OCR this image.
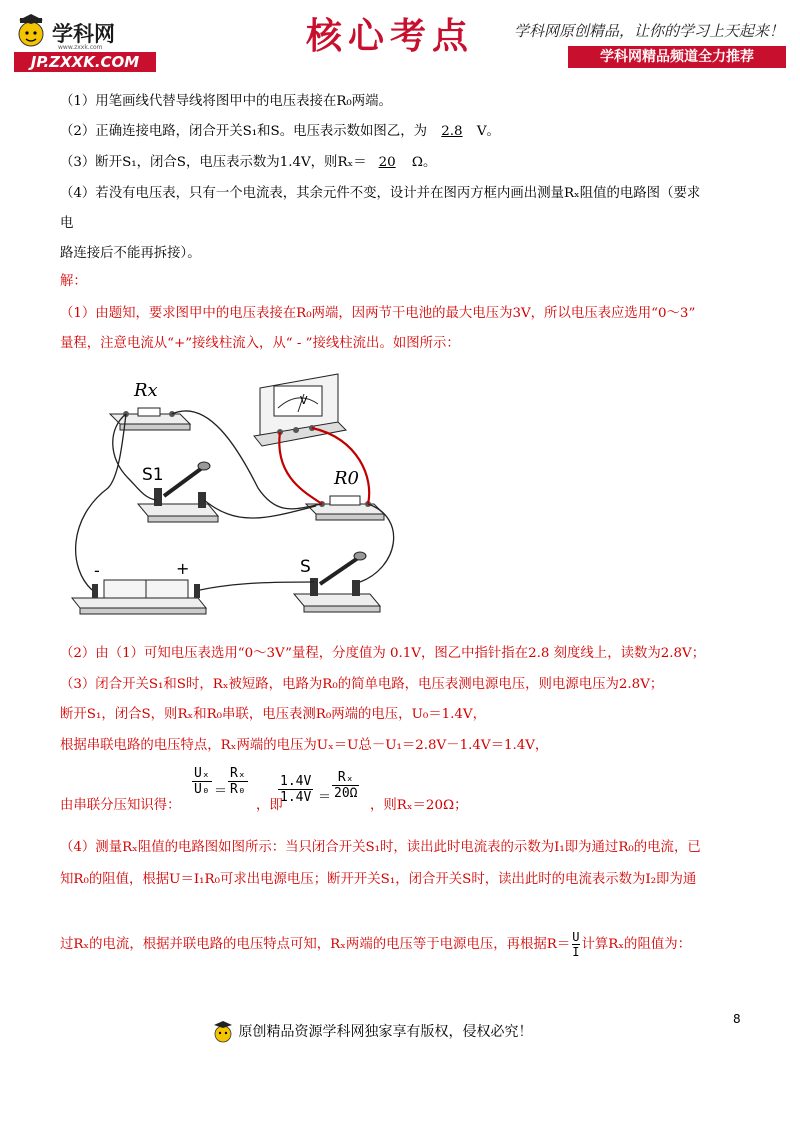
学科网
www.zxxk.com
JP.ZXXK.COM
核心考点	学科网原创精品，让你的学习上天起来！
学科网精品频道全力推荐
（1）用笔画线代替导线将图甲中的电压表接在R₀两端。
（2）正确连接电路，闭合开关S₁和S。电压表示数如图乙，为 2.8 V。
（3）断开S₁，闭合S，电压表示数为1.4V，则Rₓ＝ 20 Ω。
（4）若没有电压表，只有一个电流表，其余元件不变，设计并在图丙方框内画出测量Rₓ阻值的电路图（要求
电
路连接后不能再拆接）。
解：
（1）由题知，要求图甲中的电压表接在R₀两端，因两节干电池的最大电压为3V，所以电压表应选用“0～3”
量程，注意电流从“+”接线柱流入，从“ - ”接线柱流出。如图所示：
Rx
S1
V
R0
-	+	S
（2）由（1）可知电压表选用“0～3V”量程，分度值为 0.1V，图乙中指针指在2.8 刻度线上，读数为2.8V；
（3）闭合开关S₁和S时，Rₓ被短路，电路为R₀的简单电路，电压表测电源电压，则电源电压为2.8V；
断开S₁，闭合S，则Rₓ和R₀串联，电压表测R₀两端的电压，U₀＝1.4V，
根据串联电路的电压特点，Rₓ两端的电压为Uₓ＝U总－U₁＝2.8V－1.4V＝1.4V，
由串联分压知识得：
$\frac{\text{Uₓ}}{\text{U₀}} = \frac{\text{Rₓ}}{\text{R₀}}$
，即
$\frac{1.4V}{1.4V} = \frac{\text{Rₓ}}{20\Omega}$
，则Rₓ＝20Ω；
（4）测量Rₓ阻值的电路图如图所示：当只闭合开关S₁时，读出此时电流表的示数为I₁即为通过R₀的电流，已
知R₀的阻值，根据U＝I₁R₀可求出电源电压；断开开关S₁，闭合开关S时，读出此时的电流表示数为I₂即为通
过Rₓ的电流，根据并联电路的电压特点可知，Rₓ两端的电压等于电源电压，再根据$R= \frac{U}{I}$ 计算Rₓ的阻值为：
8
原创精品资源学科网独家享有版权，侵权必究！
